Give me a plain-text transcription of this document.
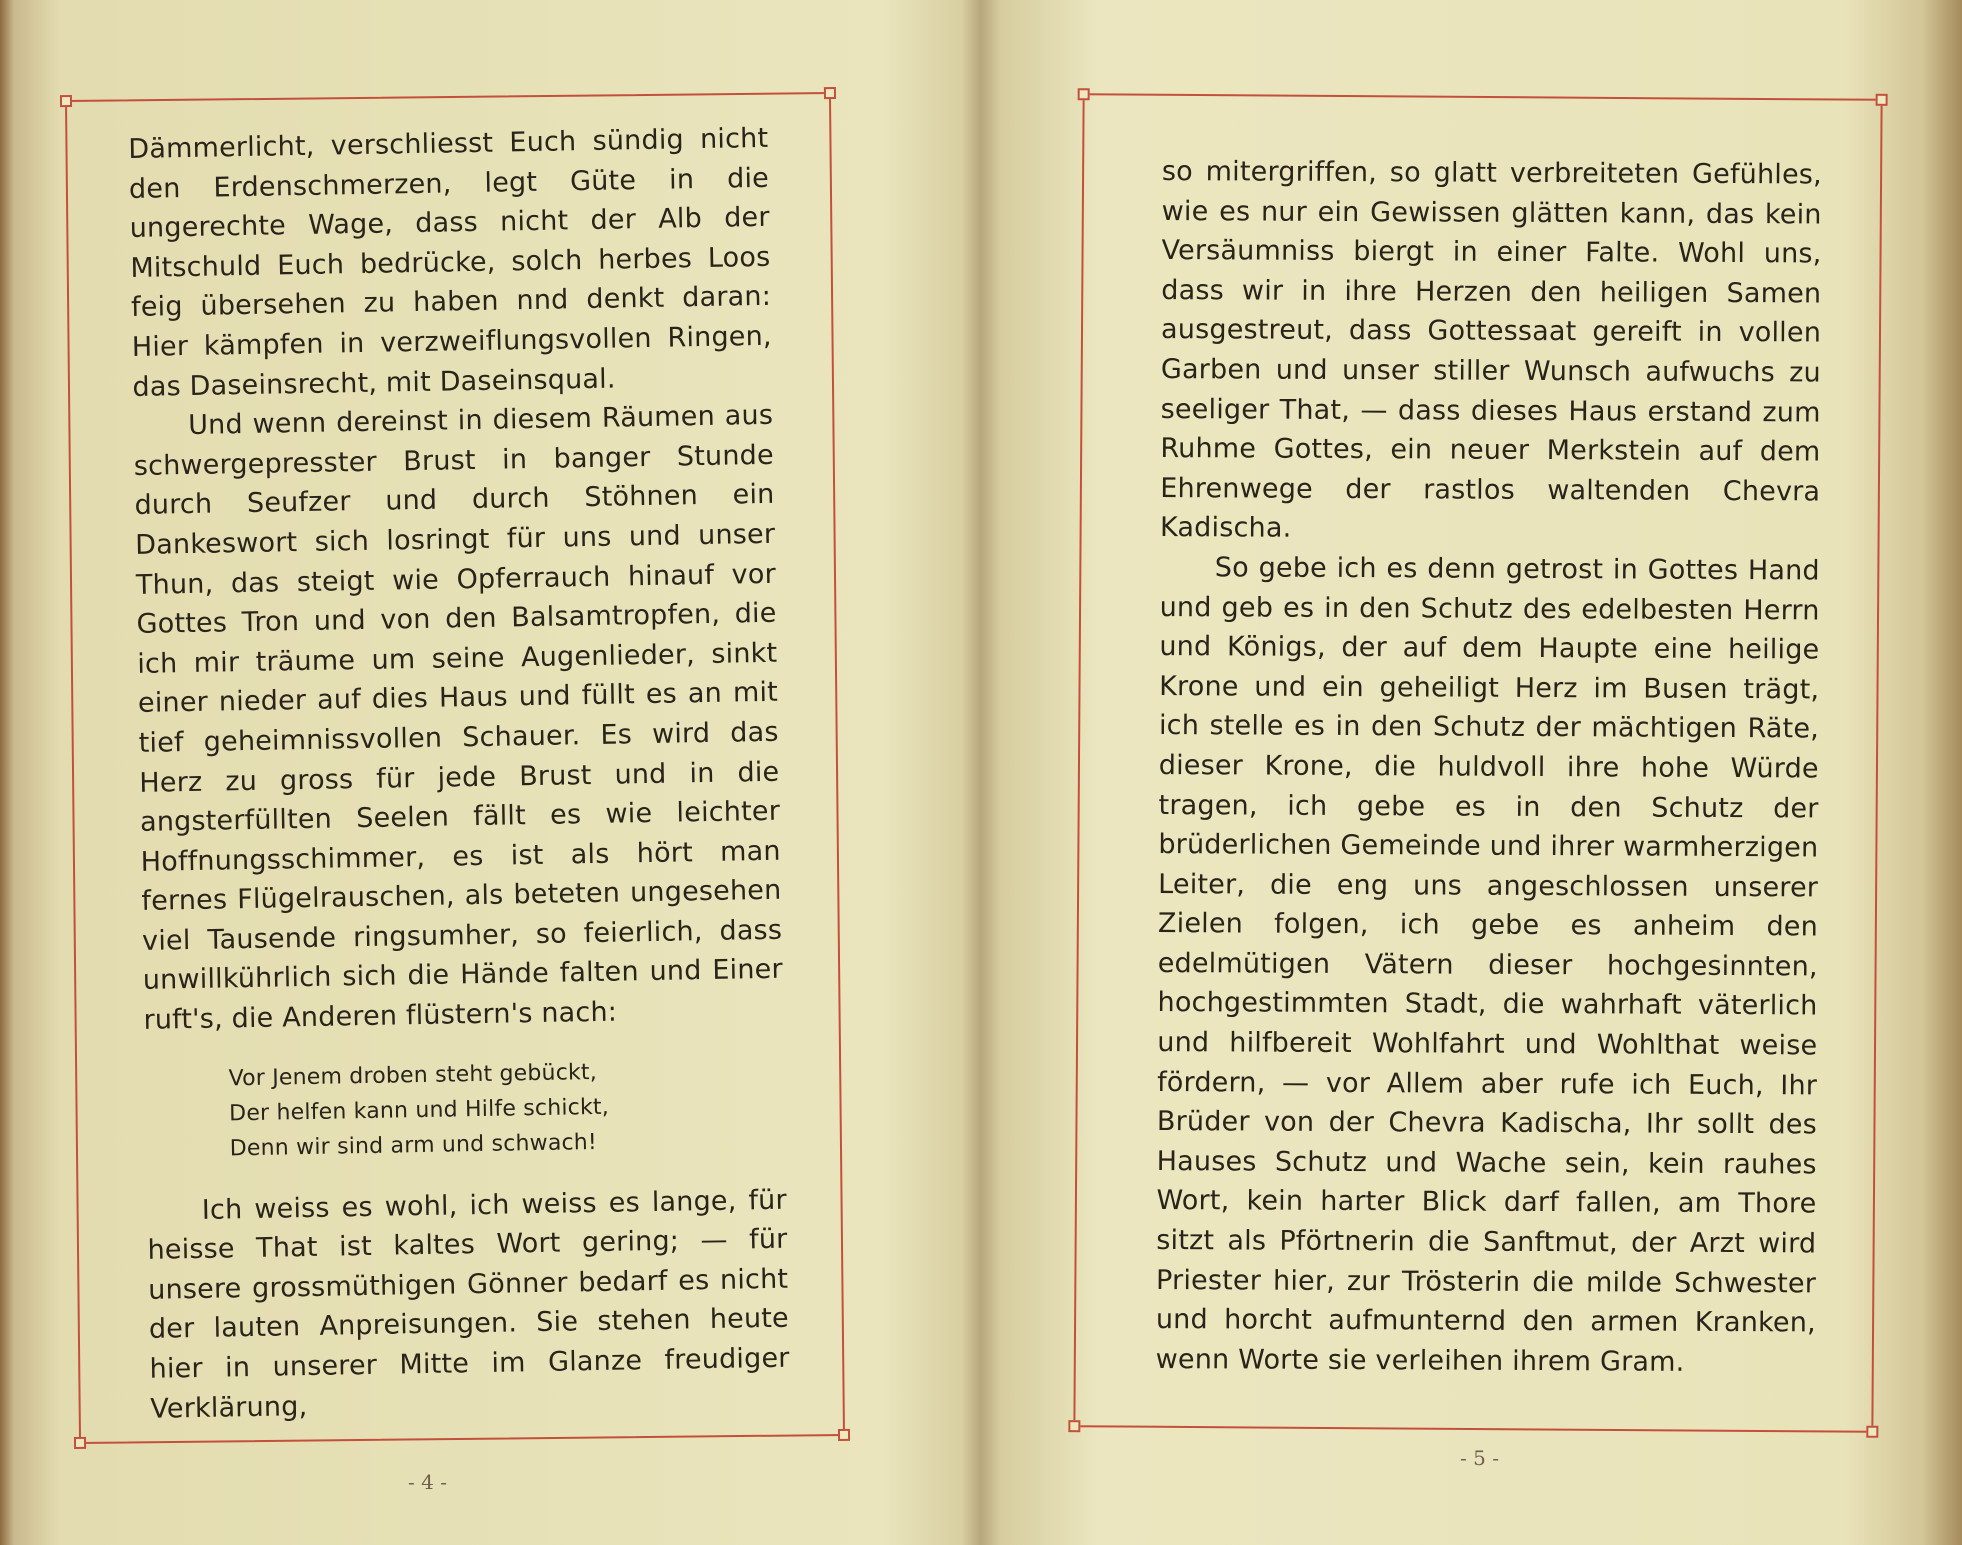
Dämmerlicht, verschliesst Euch sündig nicht den Erdenschmerzen, legt Güte in die ungerechte Wage, dass nicht der Alb der Mitschuld Euch bedrücke, solch herbes Loos feig übersehen zu haben nnd denkt daran: Hier kämpfen in verzweiflungsvollen Ringen, das Daseinsrecht, mit Daseinsqual.

Und wenn dereinst in diesem Räumen aus schwergepresster Brust in banger Stunde durch Seufzer und durch Stöhnen ein Dankeswort sich losringt für uns und unser Thun, das steigt wie Opferrauch hinauf vor Gottes Tron und von den Balsamtropfen, die ich mir träume um seine Augenlieder, sinkt einer nieder auf dies Haus und füllt es an mit tief geheimnissvollen Schauer. Es wird das Herz zu gross für jede Brust und in die angsterfüllten Seelen fällt es wie leichter Hoffnungsschimmer, es ist als hört man fernes Flügelrauschen, als beteten ungesehen viel Tausende ringsumher, so feierlich, dass unwillkührlich sich die Hände falten und Einer ruft's, die Anderen flüstern's nach:

Vor Jenem droben steht gebückt,
Der helfen kann und Hilfe schickt,
Denn wir sind arm und schwach!

Ich weiss es wohl, ich weiss es lange, für heisse That ist kaltes Wort gering; — für unsere grossmüthigen Gönner bedarf es nicht der lauten Anpreisungen. Sie stehen heute hier in unserer Mitte im Glanze freudiger Verklärung,

- 4 -

so mitergriffen, so glatt verbreiteten Gefühles, wie es nur ein Gewissen glätten kann, das kein Versäumniss biergt in einer Falte. Wohl uns, dass wir in ihre Herzen den heiligen Samen ausgestreut, dass Gottessaat gereift in vollen Garben und unser stiller Wunsch aufwuchs zu seeliger That, — dass dieses Haus erstand zum Ruhme Gottes, ein neuer Merkstein auf dem Ehrenwege der rastlos waltenden Chevra Kadischa.

So gebe ich es denn getrost in Gottes Hand und geb es in den Schutz des edelbesten Herrn und Königs, der auf dem Haupte eine heilige Krone und ein geheiligt Herz im Busen trägt, ich stelle es in den Schutz der mächtigen Räte, dieser Krone, die huldvoll ihre hohe Würde tragen, ich gebe es in den Schutz der brüderlichen Gemeinde und ihrer warmherzigen Leiter, die eng uns angeschlossen unserer Zielen folgen, ich gebe es anheim den edelmütigen Vätern dieser hochgesinnten, hochgestimmten Stadt, die wahrhaft väterlich und hilfbereit Wohlfahrt und Wohlthat weise fördern, — vor Allem aber rufe ich Euch, Ihr Brüder von der Chevra Kadischa, Ihr sollt des Hauses Schutz und Wache sein, kein rauhes Wort, kein harter Blick darf fallen, am Thore sitzt als Pförtnerin die Sanftmut, der Arzt wird Priester hier, zur Trösterin die milde Schwester und horcht aufmunternd den armen Kranken, wenn Worte sie verleihen ihrem Gram.

- 5 -
